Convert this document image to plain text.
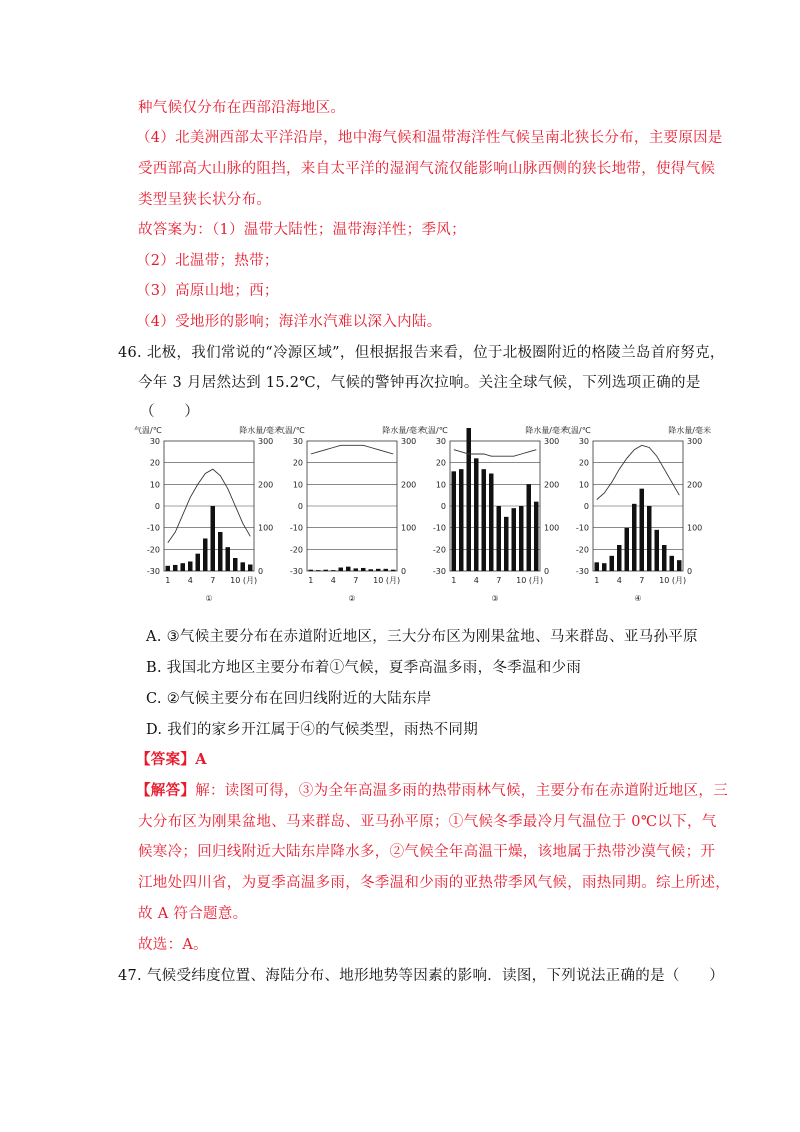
种气候仅分布在西部沿海地区。
（4）北美洲西部太平洋沿岸，地中海气候和温带海洋性气候呈南北狭长分布，主要原因是
受西部高大山脉的阻挡，来自太平洋的湿润气流仅能影响山脉西侧的狭长地带，使得气候
类型呈狭长状分布。
故答案为：（1）温带大陆性；温带海洋性；季风；
（2）北温带；热带；
（3）高原山地；西；
（4）受地形的影响；海洋水汽难以深入内陆。
46. 北极，我们常说的“冷源区域”，但根据报告来看，位于北极圈附近的格陵兰岛首府努克，
今年 3 月居然达到 15.2℃，气候的警钟再次拉响。关注全球气候，下列选项正确的是
（　　）
气温/℃	降水量/毫米
30
20
10
0
-10
-20
-30
300
200
100
0
1 4 7 10 (月)
①
气温/℃	降水量/毫米
30
20
10
0
-10
-20
-30
300
200
100
0
1 4 7 10 (月)
②
气温/℃	降水量/毫米
30
20
10
0
-10
-20
-30
300
200
100
0
1 4 7 10 (月)
③
气温/℃	降水量/毫米
30
20
10
0
-10
-20
-30
300
200
100
0
1 4 7 10 (月)
④
A. ③气候主要分布在赤道附近地区，三大分布区为刚果盆地、马来群岛、亚马孙平原
B. 我国北方地区主要分布着①气候，夏季高温多雨，冬季温和少雨
C. ②气候主要分布在回归线附近的大陆东岸
D. 我们的家乡开江属于④的气候类型，雨热不同期
【答案】A
【解答】解：读图可得，③为全年高温多雨的热带雨林气候，主要分布在赤道附近地区，三
大分布区为刚果盆地、马来群岛、亚马孙平原；①气候冬季最冷月气温位于 0℃以下，气
候寒冷；回归线附近大陆东岸降水多，②气候全年高温干燥，该地属于热带沙漠气候；开
江地处四川省，为夏季高温多雨，冬季温和少雨的亚热带季风气候，雨热同期。综上所述，
故 A 符合题意。
故选：A。
47. 气候受纬度位置、海陆分布、地形地势等因素的影响．读图，下列说法正确的是（　　）
